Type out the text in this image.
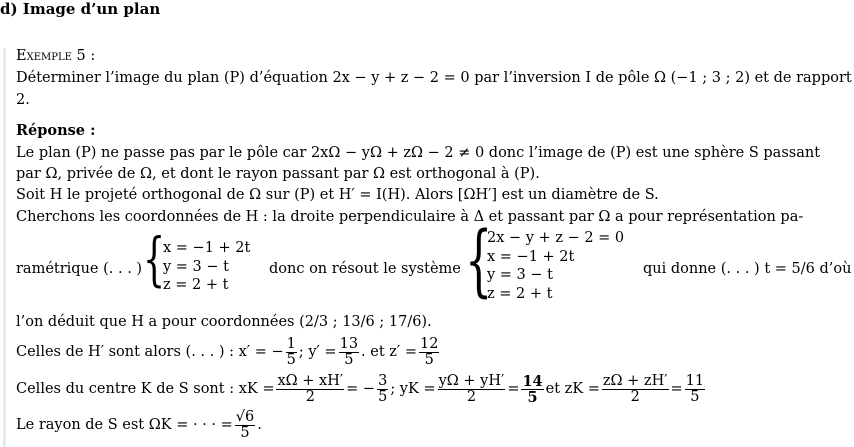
d) Image d’un plan
Exemple 5 :
Déterminer l’image du plan (P) d’équation 2x − y + z − 2 = 0 par l’inversion I de pôle Ω (−1 ; 3 ; 2) et de rapport
2.
Réponse :
Le plan (P) ne passe pas par le pôle car 2xΩ − yΩ + zΩ − 2 ≠ 0 donc l’image de (P) est une sphère S passant
par Ω, privée de Ω, et dont le rayon passant par Ω est orthogonal à (P).
Soit H le projeté orthogonal de Ω sur (P) et H′ = I(H). Alors [ΩH′] est un diamètre de S.
Cherchons les coordonnées de H : la droite perpendiculaire à Δ et passant par Ω a pour représentation pa-
ramétrique (. . . ) {
x = −1 + 2t
y = 3 − t
z = 2 + t
donc on résout le système {
2x − y + z − 2 = 0
x = −1 + 2t
y = 3 − t
z = 2 + t
qui donne (. . . ) t = 5/6 d’où
l’on déduit que H a pour coordonnées (2/3 ; 13/6 ; 17/6).
Celles de H′ sont alors (. . . ) : x′ = − $\frac{1}{5}$ ; $y' = \frac{13}{5}$ . et $z' = \frac{12}{5}$
Celles du centre K de S sont : xK = $\frac{x\Omega + xH'}{2}$ = − $\frac{3}{5}$ ; yK = $\frac{y\Omega + yH'}{2} = \frac{14}{5}$ et zK = $\frac{z\Omega + zH'}{2} = \frac{11}{5}$
Le rayon de S est ΩK = · · · = $\frac{√6}{5}$ .
